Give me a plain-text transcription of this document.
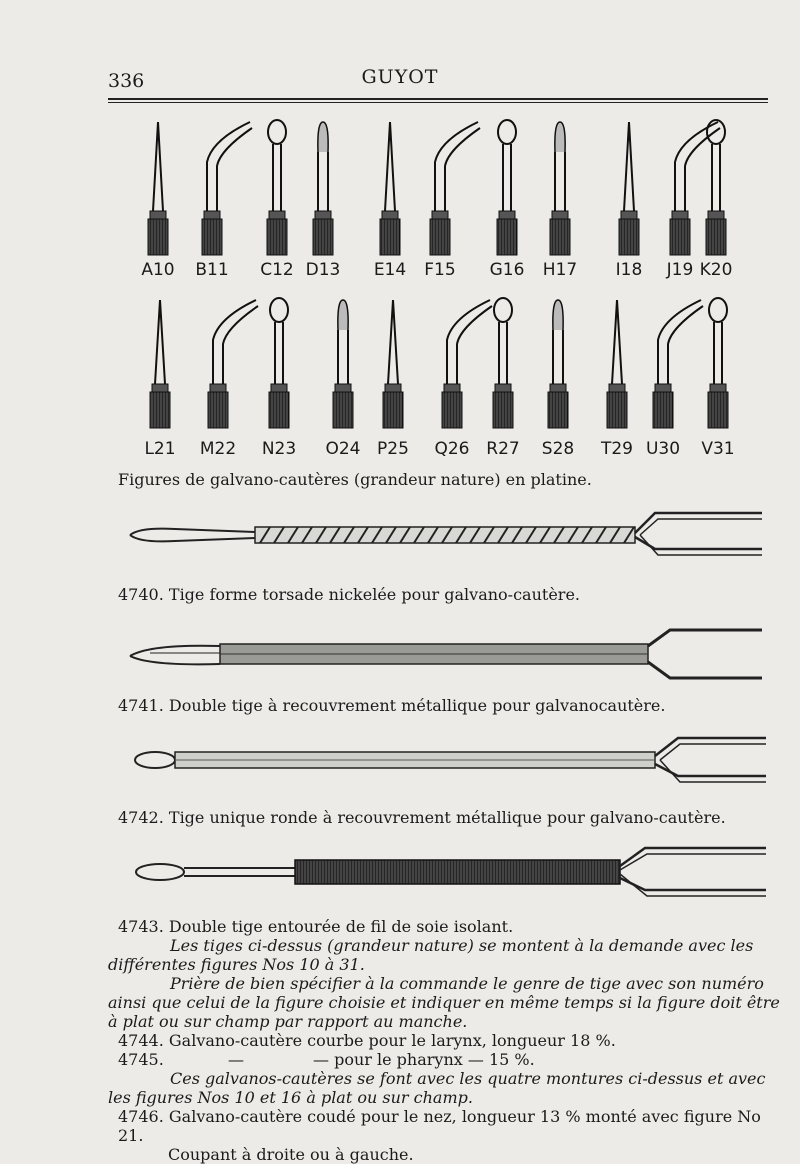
336	GUYOT
A10 B11 C12 D13 E14 F15 G16 H17 I18 J19 K20
L21 M22 N23 O24 P25 Q26 R27 S28 T29 U30 V31
Figures de galvano-cautères (grandeur nature) en platine.
4740. Tige forme torsade nickelée pour galvano-cautère.
4741. Double tige à recouvrement métallique pour galvanocautère.
4742. Tige unique ronde à recouvrement métallique pour galvano-cautère.
4743. Double tige entourée de fil de soie isolant.
Les tiges ci-dessus (grandeur nature) se montent à la demande avec les différentes figures Nos 10 à 31.
Prière de bien spécifier à la commande le genre de tige avec son numéro ainsi que celui de la figure choisie et indiquer en même temps si la figure doit être à plat ou sur champ par rapport au manche.
4744. Galvano-cautère courbe pour le larynx, longueur 18 %.
4745.	—	— pour le pharynx — 15 %.
Ces galvanos-cautères se font avec les quatre montures ci-dessus et avec les figures Nos 10 et 16 à plat ou sur champ.
4746. Galvano-cautère coudé pour le nez, longueur 13 % monté avec figure No 21.
Coupant à droite ou à gauche.
